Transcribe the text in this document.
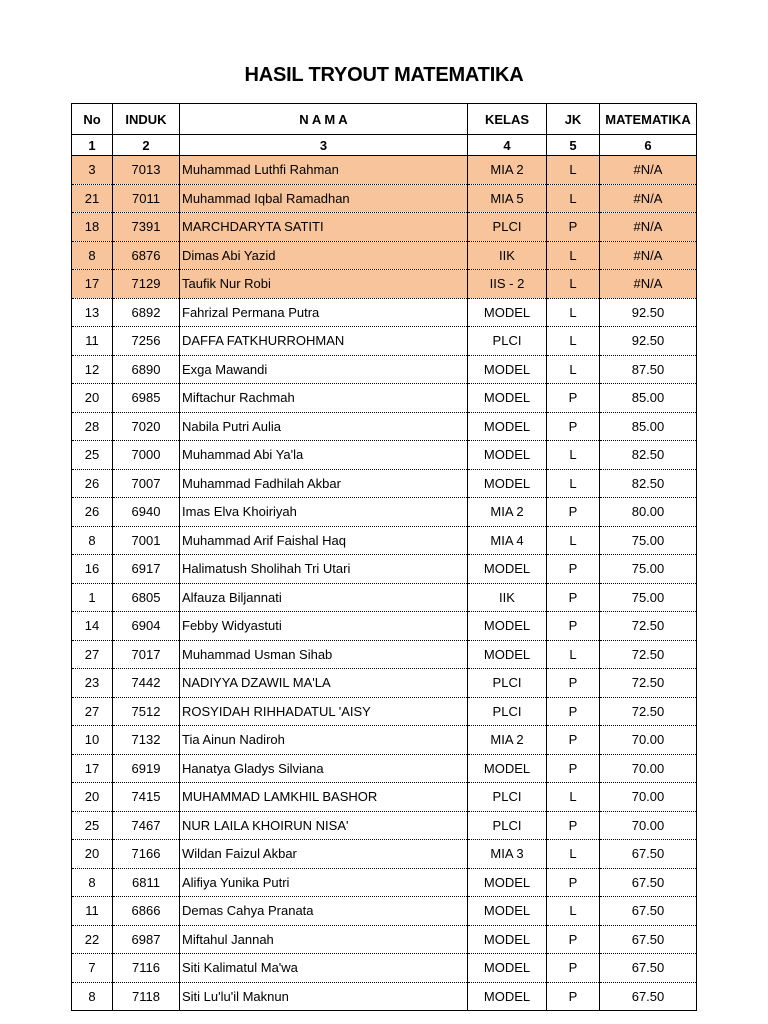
HASIL TRYOUT MATEMATIKA
No	INDUK	N A M A	KELAS	JK	MATEMATIKA
1	2	3	4	5	6
3	7013	Muhammad Luthfi Rahman	MIA 2	L	#N/A
21	7011	Muhammad Iqbal Ramadhan	MIA 5	L	#N/A
18	7391	MARCHDARYTA SATITI	PLCI	P	#N/A
8	6876	Dimas Abi Yazid	IIK	L	#N/A
17	7129	Taufik Nur Robi	IIS - 2	L	#N/A
13	6892	Fahrizal Permana Putra	MODEL	L	92.50
11	7256	DAFFA FATKHURROHMAN	PLCI	L	92.50
12	6890	Exga Mawandi	MODEL	L	87.50
20	6985	Miftachur Rachmah	MODEL	P	85.00
28	7020	Nabila Putri Aulia	MODEL	P	85.00
25	7000	Muhammad Abi Ya'la	MODEL	L	82.50
26	7007	Muhammad Fadhilah Akbar	MODEL	L	82.50
26	6940	Imas Elva Khoiriyah	MIA 2	P	80.00
8	7001	Muhammad Arif Faishal Haq	MIA 4	L	75.00
16	6917	Halimatush Sholihah Tri Utari	MODEL	P	75.00
1	6805	Alfauza Biljannati	IIK	P	75.00
14	6904	Febby Widyastuti	MODEL	P	72.50
27	7017	Muhammad Usman Sihab	MODEL	L	72.50
23	7442	NADIYYA DZAWIL MA'LA	PLCI	P	72.50
27	7512	ROSYIDAH RIHHADATUL 'AISY	PLCI	P	72.50
10	7132	Tia Ainun Nadiroh	MIA 2	P	70.00
17	6919	Hanatya Gladys Silviana	MODEL	P	70.00
20	7415	MUHAMMAD LAMKHIL BASHOR	PLCI	L	70.00
25	7467	NUR LAILA KHOIRUN NISA'	PLCI	P	70.00
20	7166	Wildan Faizul Akbar	MIA 3	L	67.50
8	6811	Alifiya Yunika Putri	MODEL	P	67.50
11	6866	Demas Cahya Pranata	MODEL	L	67.50
22	6987	Miftahul Jannah	MODEL	P	67.50
7	7116	Siti Kalimatul Ma'wa	MODEL	P	67.50
8	7118	Siti Lu'lu'il Maknun	MODEL	P	67.50
